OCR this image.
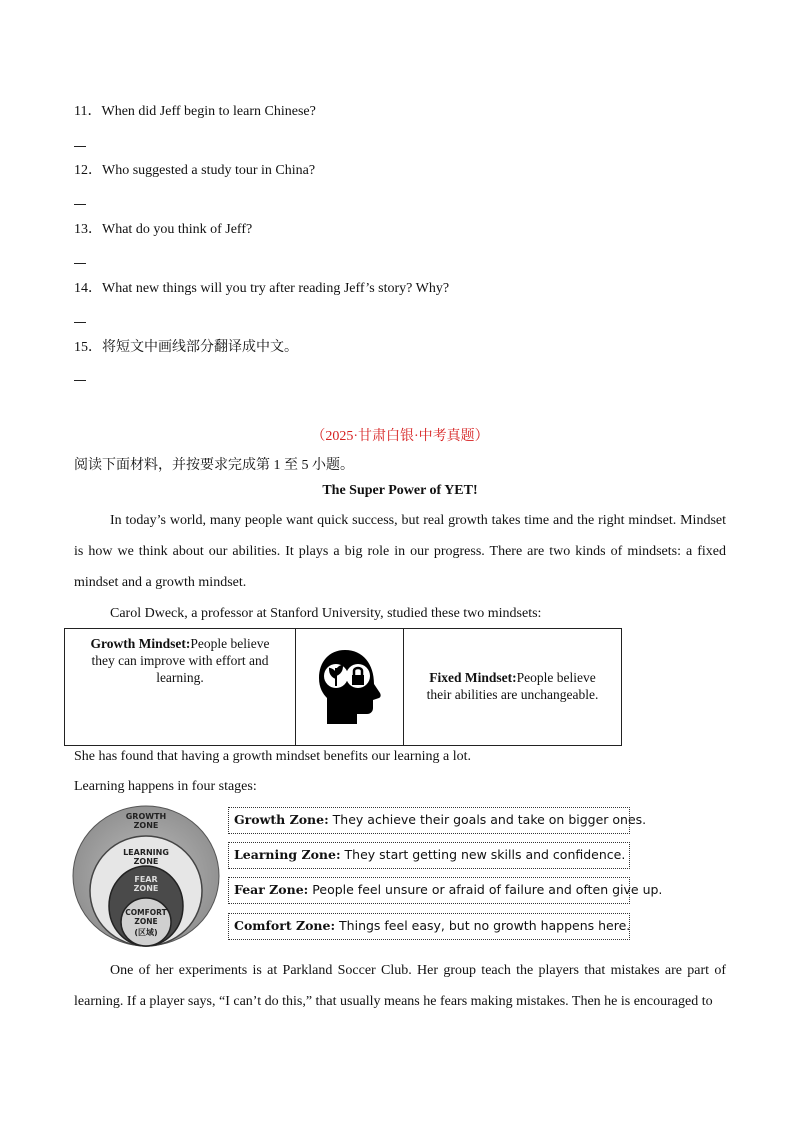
11．When did Jeff begin to learn Chinese?
12．Who suggested a study tour in China?
13．What do you think of Jeff?
14．What new things will you try after reading Jeff’s story? Why?
15．将短文中画线部分翻译成中文。
（2025·甘肃白银·中考真题）
阅读下面材料，并按要求完成第 1 至 5 小题。
The Super Power of YET!
In today’s world, many people want quick success, but real growth takes time and the right mindset. Mindset is how we think about our abilities. It plays a big role in our progress. There are two kinds of mindsets: a fixed mindset and a growth mindset.
Carol Dweck, a professor at Stanford University, studied these two mindsets:
Growth Mindset:People believe they can improve with effort and learning.		Fixed Mindset:People believe their abilities are unchangeable.
She has found that having a growth mindset benefits our learning a lot.
Learning happens in four stages:
GROWTH
ZONE
LEARNING
ZONE
FEAR
ZONE
COMFORT
ZONE
(区域)
Growth Zone: They achieve their goals and take on bigger ones.
Learning Zone: They start getting new skills and confidence.
Fear Zone: People feel unsure or afraid of failure and often give up.
Comfort Zone: Things feel easy, but no growth happens here.
One of her experiments is at Parkland Soccer Club. Her group teach the players that mistakes are part of learning. If a player says, “I can’t do this,” that usually means he fears making mistakes. Then he is encouraged to
